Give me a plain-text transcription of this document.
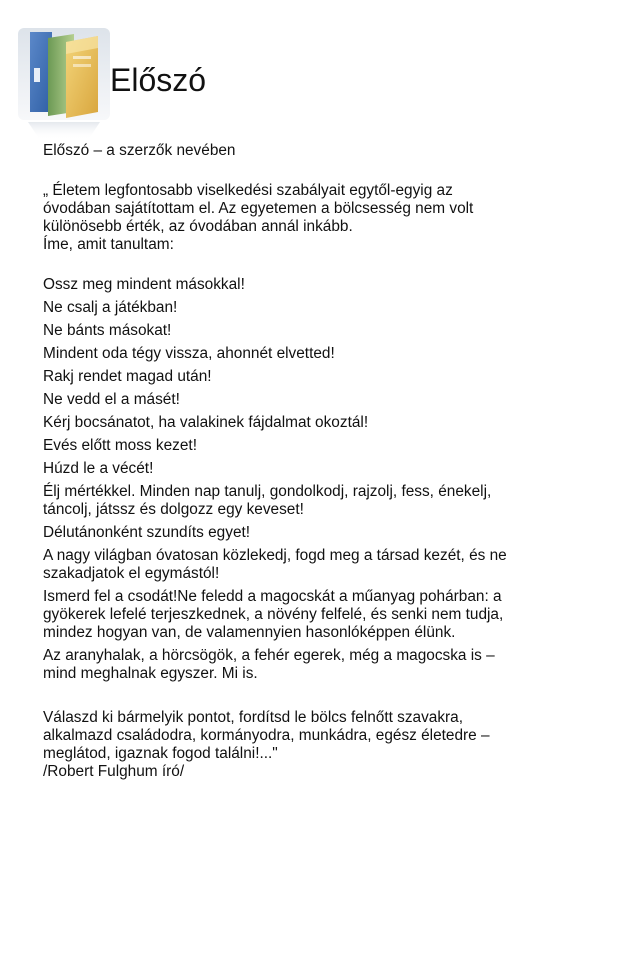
Előszó

Előszó – a szerzők nevében

„ Életem legfontosabb viselkedési szabályait egytől-egyig az
óvodában sajátítottam el. Az egyetemen a bölcsesség nem volt
különösebb érték, az óvodában annál inkább.
Íme, amit tanultam:

Ossz meg mindent másokkal!
Ne csalj a játékban!
Ne bánts másokat!
Mindent oda tégy vissza, ahonnét elvetted!
Rakj rendet magad után!
Ne vedd el a másét!
Kérj bocsánatot, ha valakinek fájdalmat okoztál!
Evés előtt moss kezet!
Húzd le a vécét!
Élj mértékkel. Minden nap tanulj, gondolkodj, rajzolj, fess, énekelj,
táncolj, játssz és dolgozz egy keveset!
Délutánonként szundíts egyet!
A nagy világban óvatosan közlekedj, fogd meg a társad kezét, és ne
szakadjatok el egymástól!
Ismerd fel a csodát!Ne feledd a magocskát a műanyag pohárban: a
gyökerek lefelé terjeszkednek, a növény felfelé, és senki nem tudja,
mindez hogyan van, de valamennyien hasonlóképpen élünk.
Az aranyhalak, a hörcsögök, a fehér egerek, még a magocska is –
mind meghalnak egyszer. Mi is.

Válaszd ki bármelyik pontot, fordítsd le bölcs felnőtt szavakra,
alkalmazd családodra, kormányodra, munkádra, egész életedre –
meglátod, igaznak fogod találni!..."
/Robert Fulghum író/
